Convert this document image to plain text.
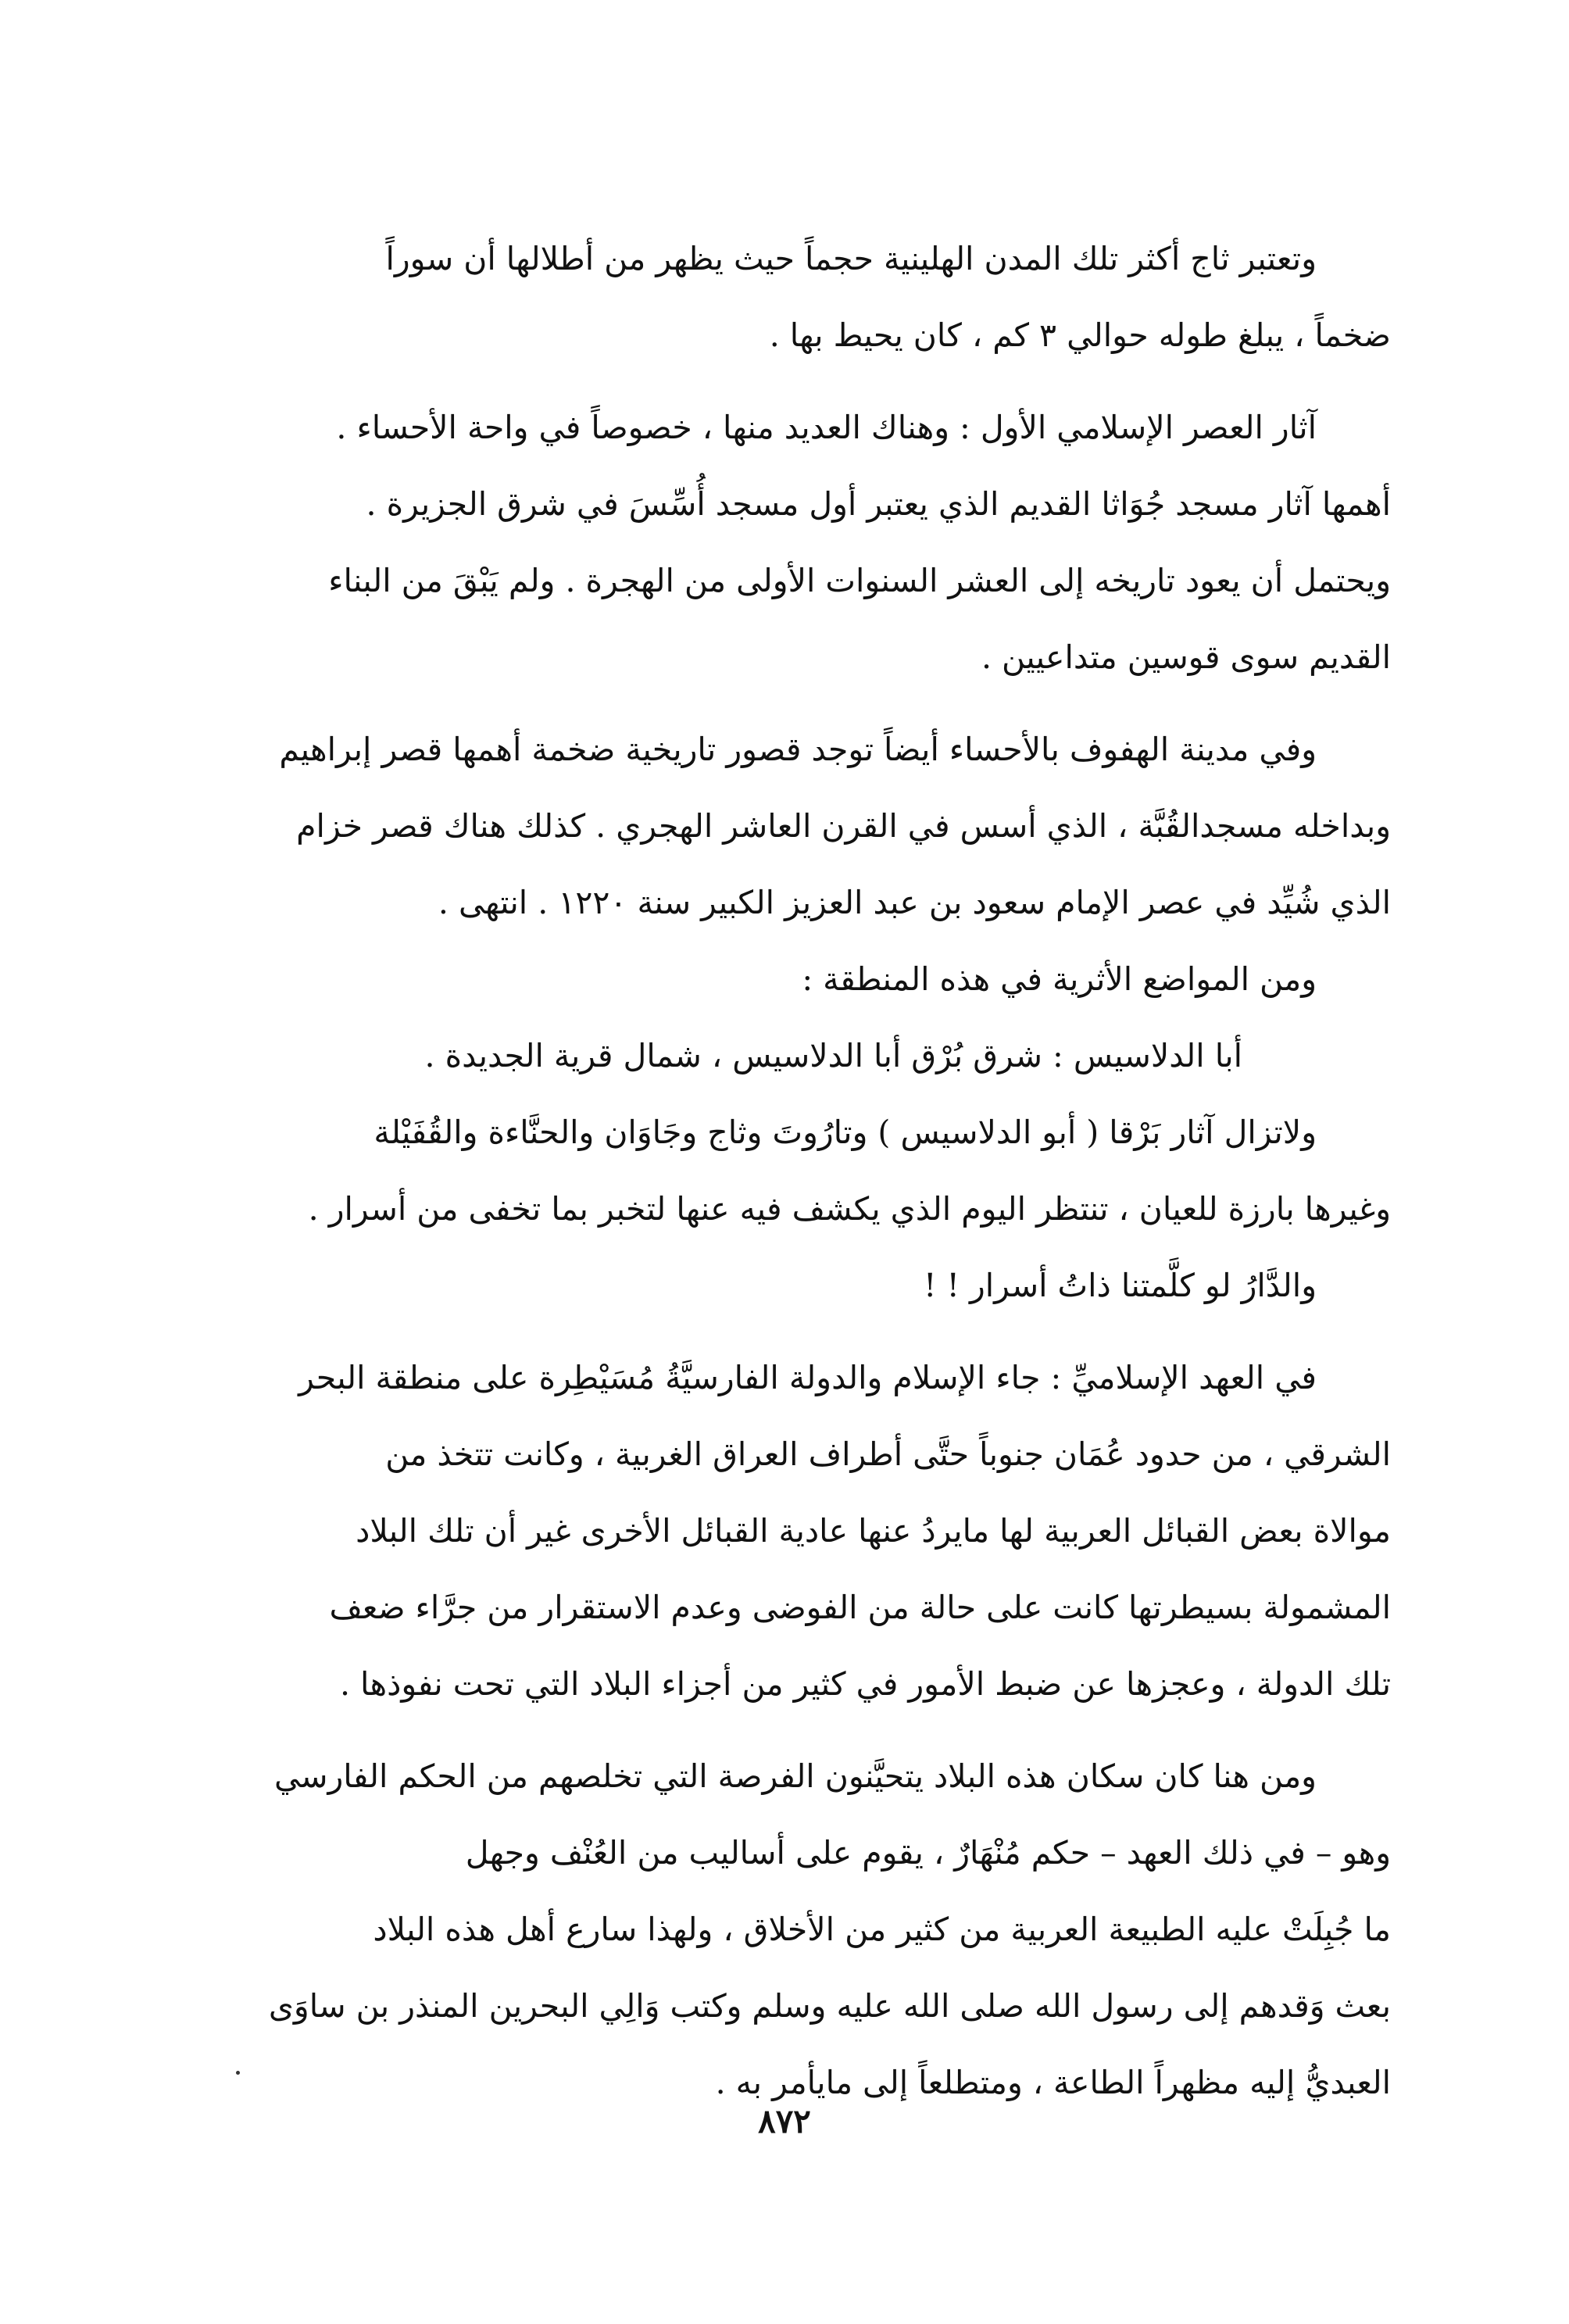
وتعتبر ثاج أكثر تلك المدن الهلينية حجماً حيث يظهر من أطلالها أن سوراً
ضخماً ، يبلغ طوله حوالي ٣ كم ، كان يحيط بها .
آثار العصر الإسلامي الأول : وهناك العديد منها ، خصوصاً في واحة الأحساء .
أهمها آثار مسجد جُوَاثا القديم الذي يعتبر أول مسجد أُسِّسَ في شرق الجزيرة .
ويحتمل أن يعود تاريخه إلى العشر السنوات الأولى من الهجرة . ولم يَبْقَ من البناء
القديم سوى قوسين متداعيين .
وفي مدينة الهفوف بالأحساء أيضاً توجد قصور تاريخية ضخمة أهمها قصر إبراهيم
وبداخله مسجدالقُبَّة ، الذي أسس في القرن العاشر الهجري . كذلك هناك قصر خزام
الذي شُيِّد في عصر الإمام سعود بن عبد العزيز الكبير سنة ١٢٢٠ . انتهى .
ومن المواضع الأثرية في هذه المنطقة :
أبا الدلاسيس : شرق بُرْق أبا الدلاسيس ، شمال قرية الجديدة .
ولاتزال آثار بَرْقا ( أبو الدلاسيس ) وتارُوتَ وثاج وجَاوَان والحنَّاءة والقُفَيْلة
وغيرها بارزة للعيان ، تنتظر اليوم الذي يكشف فيه عنها لتخبر بما تخفى من أسرار .
والدَّارُ لو كلَّمتنا ذاتُ أسرار ! !
في العهد الإسلاميِّ : جاء الإسلام والدولة الفارسيَّةُ مُسَيْطِرة على منطقة البحر
الشرقي ، من حدود عُمَان جنوباً حتَّى أطراف العراق الغربية ، وكانت تتخذ من
موالاة بعض القبائل العربية لها مايردُ عنها عادية القبائل الأخرى غير أن تلك البلاد
المشمولة بسيطرتها كانت على حالة من الفوضى وعدم الاستقرار من جرَّاء ضعف
تلك الدولة ، وعجزها عن ضبط الأمور في كثير من أجزاء البلاد التي تحت نفوذها .
ومن هنا كان سكان هذه البلاد يتحيَّنون الفرصة التي تخلصهم من الحكم الفارسي
وهو – في ذلك العهد – حكم مُنْهَارٌ ، يقوم على أساليب من العُنْف وجهل
ما جُبِلَتْ عليه الطبيعة العربية من كثير من الأخلاق ، ولهذا سارع أهل هذه البلاد
بعث وَقدهم إلى رسول الله صلى الله عليه وسلم وكتب وَالِي البحرين المنذر بن ساوَى
العبديُّ إليه مظهراً الطاعة ، ومتطلعاً إلى مايأمر به .
٨٧٢
